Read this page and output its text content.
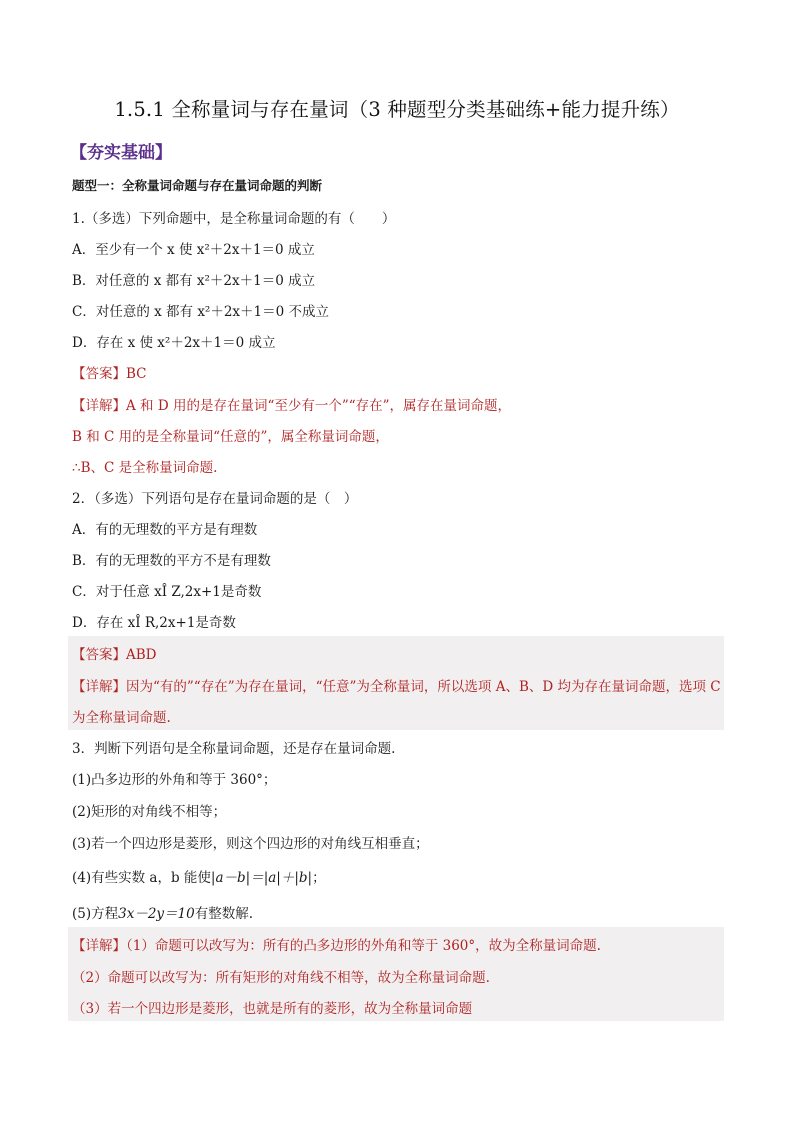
1.5.1 全称量词与存在量词（3 种题型分类基础练+能力提升练）
【夯实基础】
题型一：全称量词命题与存在量词命题的判断
1.（多选）下列命题中，是全称量词命题的有（　　）
A．至少有一个 x 使 x²＋2x＋1＝0 成立
B．对任意的 x 都有 x²＋2x＋1＝0 成立
C．对任意的 x 都有 x²＋2x＋1＝0 不成立
D．存在 x 使 x²＋2x＋1＝0 成立
【答案】BC
【详解】A 和 D 用的是存在量词“至少有一个”“存在”，属存在量词命题，
B 和 C 用的是全称量词“任意的”，属全称量词命题，
∴B、C 是全称量词命题.
2．（多选）下列语句是存在量词命题的是（　）
A．有的无理数的平方是有理数
B．有的无理数的平方不是有理数
C．对于任意 xÎ Z,2x+1是奇数
D．存在 xÎ R,2x+1是奇数
【答案】ABD
【详解】因为“有的”“存在”为存在量词，“任意”为全称量词，所以选项 A、B、D 均为存在量词命题，选项 C
为全称量词命题.
3．判断下列语句是全称量词命题，还是存在量词命题.
(1)凸多边形的外角和等于 360°；
(2)矩形的对角线不相等；
(3)若一个四边形是菱形，则这个四边形的对角线互相垂直；
(4)有些实数 a，b 能使|a－b|＝|a|＋|b|；
(5)方程3x－2y＝10有整数解.
【详解】（1）命题可以改写为：所有的凸多边形的外角和等于 360°，故为全称量词命题.
（2）命题可以改写为：所有矩形的对角线不相等，故为全称量词命题.
（3）若一个四边形是菱形，也就是所有的菱形，故为全称量词命题
